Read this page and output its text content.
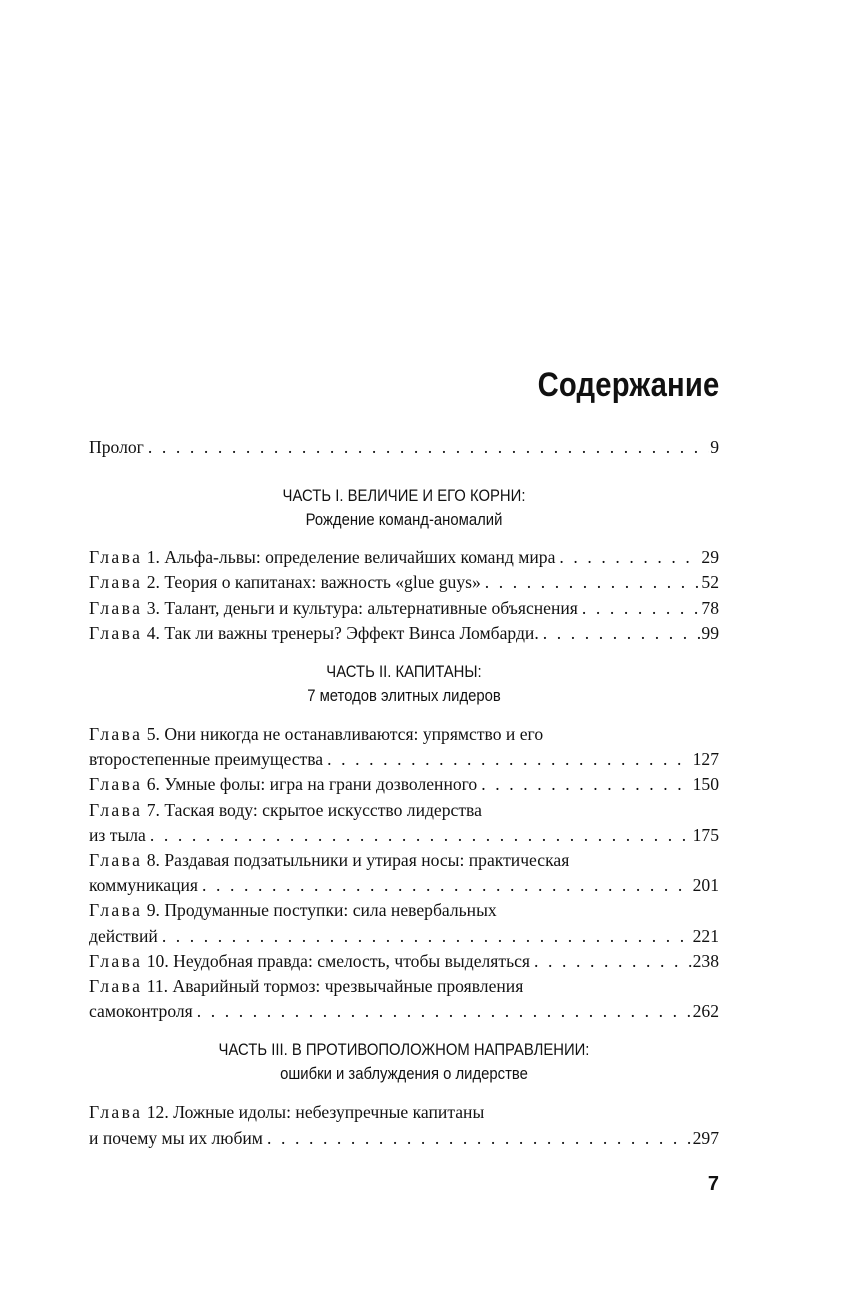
Содержание
Пролог . . .	9
ЧАСТЬ I. ВЕЛИЧИЕ И ЕГО КОРНИ:
Рождение команд-аномалий
Глава 1. Альфа-львы: определение величайших команд мира . . .	29
Глава 2. Теория о капитанах: важность «glue guys» . . .	52
Глава 3. Талант, деньги и культура: альтернативные объяснения . . .	78
Глава 4. Так ли важны тренеры? Эффект Винса Ломбарди. . . .	99
ЧАСТЬ II. КАПИТАНЫ:
7 методов элитных лидеров
Глава 5. Они никогда не останавливаются: упрямство и его
второстепенные преимущества . . .	127
Глава 6. Умные фолы: игра на грани дозволенного . . .	150
Глава 7. Таская воду: скрытое искусство лидерства
из тыла . . .	175
Глава 8. Раздавая подзатыльники и утирая носы: практическая
коммуникация . . .	201
Глава 9. Продуманные поступки: сила невербальных
действий . . .	221
Глава 10. Неудобная правда: смелость, чтобы выделяться . . .	238
Глава 11. Аварийный тормоз: чрезвычайные проявления
самоконтроля . . .	262
ЧАСТЬ III. В ПРОТИВОПОЛОЖНОМ НАПРАВЛЕНИИ:
ошибки и заблуждения о лидерстве
Глава 12. Ложные идолы: небезупречные капитаны
и почему мы их любим . . .	297
7
